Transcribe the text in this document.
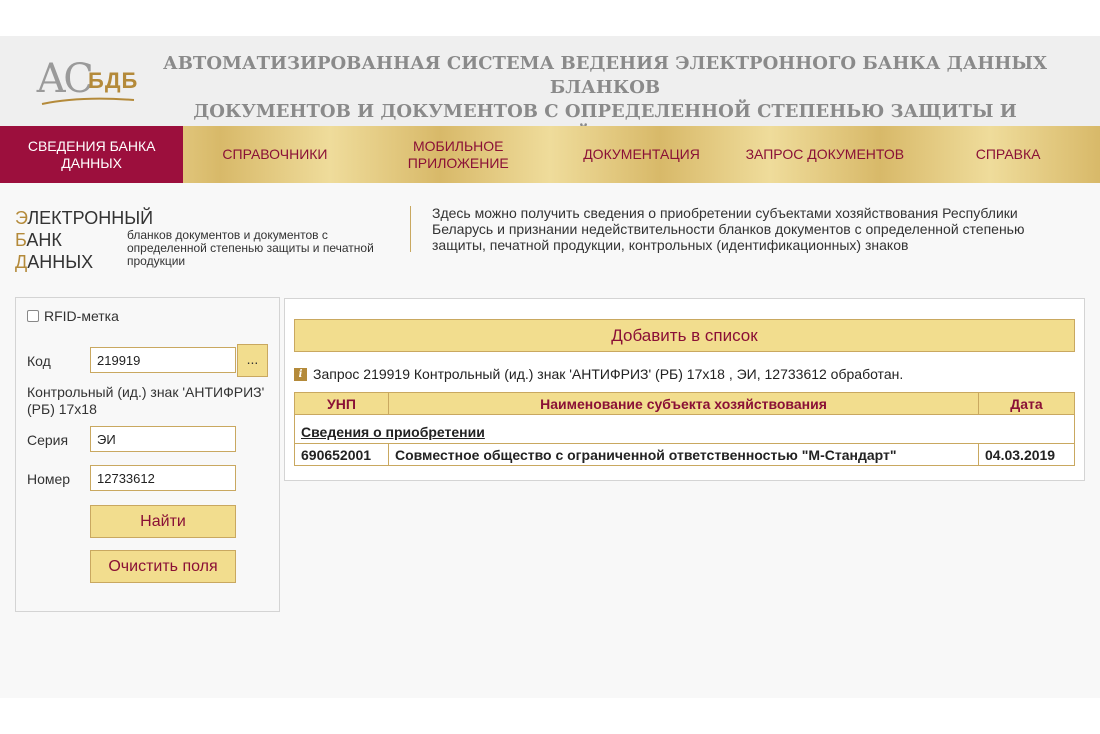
АС
БДБ
АВТОМАТИЗИРОВАННАЯ СИСТЕМА ВЕДЕНИЯ ЭЛЕКТРОННОГО БАНКА ДАННЫХ БЛАНКОВ
ДОКУМЕНТОВ И ДОКУМЕНТОВ С ОПРЕДЕЛЕННОЙ СТЕПЕНЬЮ ЗАЩИТЫ И
СВЕДЕНИЯ БАНКА
ДАННЫХ
СПРАВОЧНИКИ
МОБИЛЬНОЕ
ПРИЛОЖЕНИЕ
ДОКУМЕНТАЦИЯ	ЗАПРОС ДОКУМЕНТОВ	СПРАВКА
ЭЛЕКТРОННЫЙ
БАНК
ДАННЫХ
бланков документов и документов с определенной степенью защиты и печатной продукции
Здесь можно получить сведения о приобретении субъектами хозяйствования Республики Беларусь и признании недействительности бланков документов с определенной степенью защиты, печатной продукции, контрольных (идентификационных) знаков
RFID-метка
Код	219919	...
Контрольный (ид.) знак 'АНТИФРИЗ' (РБ) 17х18
Серия	ЭИ
Номер	12733612
Найти
Очистить поля
Добавить в список
i Запрос 219919 Контрольный (ид.) знак 'АНТИФРИЗ' (РБ) 17х18 , ЭИ, 12733612 обработан.
УНП	Наименование субъекта хозяйствования	Дата
Сведения о приобретении		
690652001	Совместное общество с ограниченной ответственностью "М-Стандарт"	04.03.2019
